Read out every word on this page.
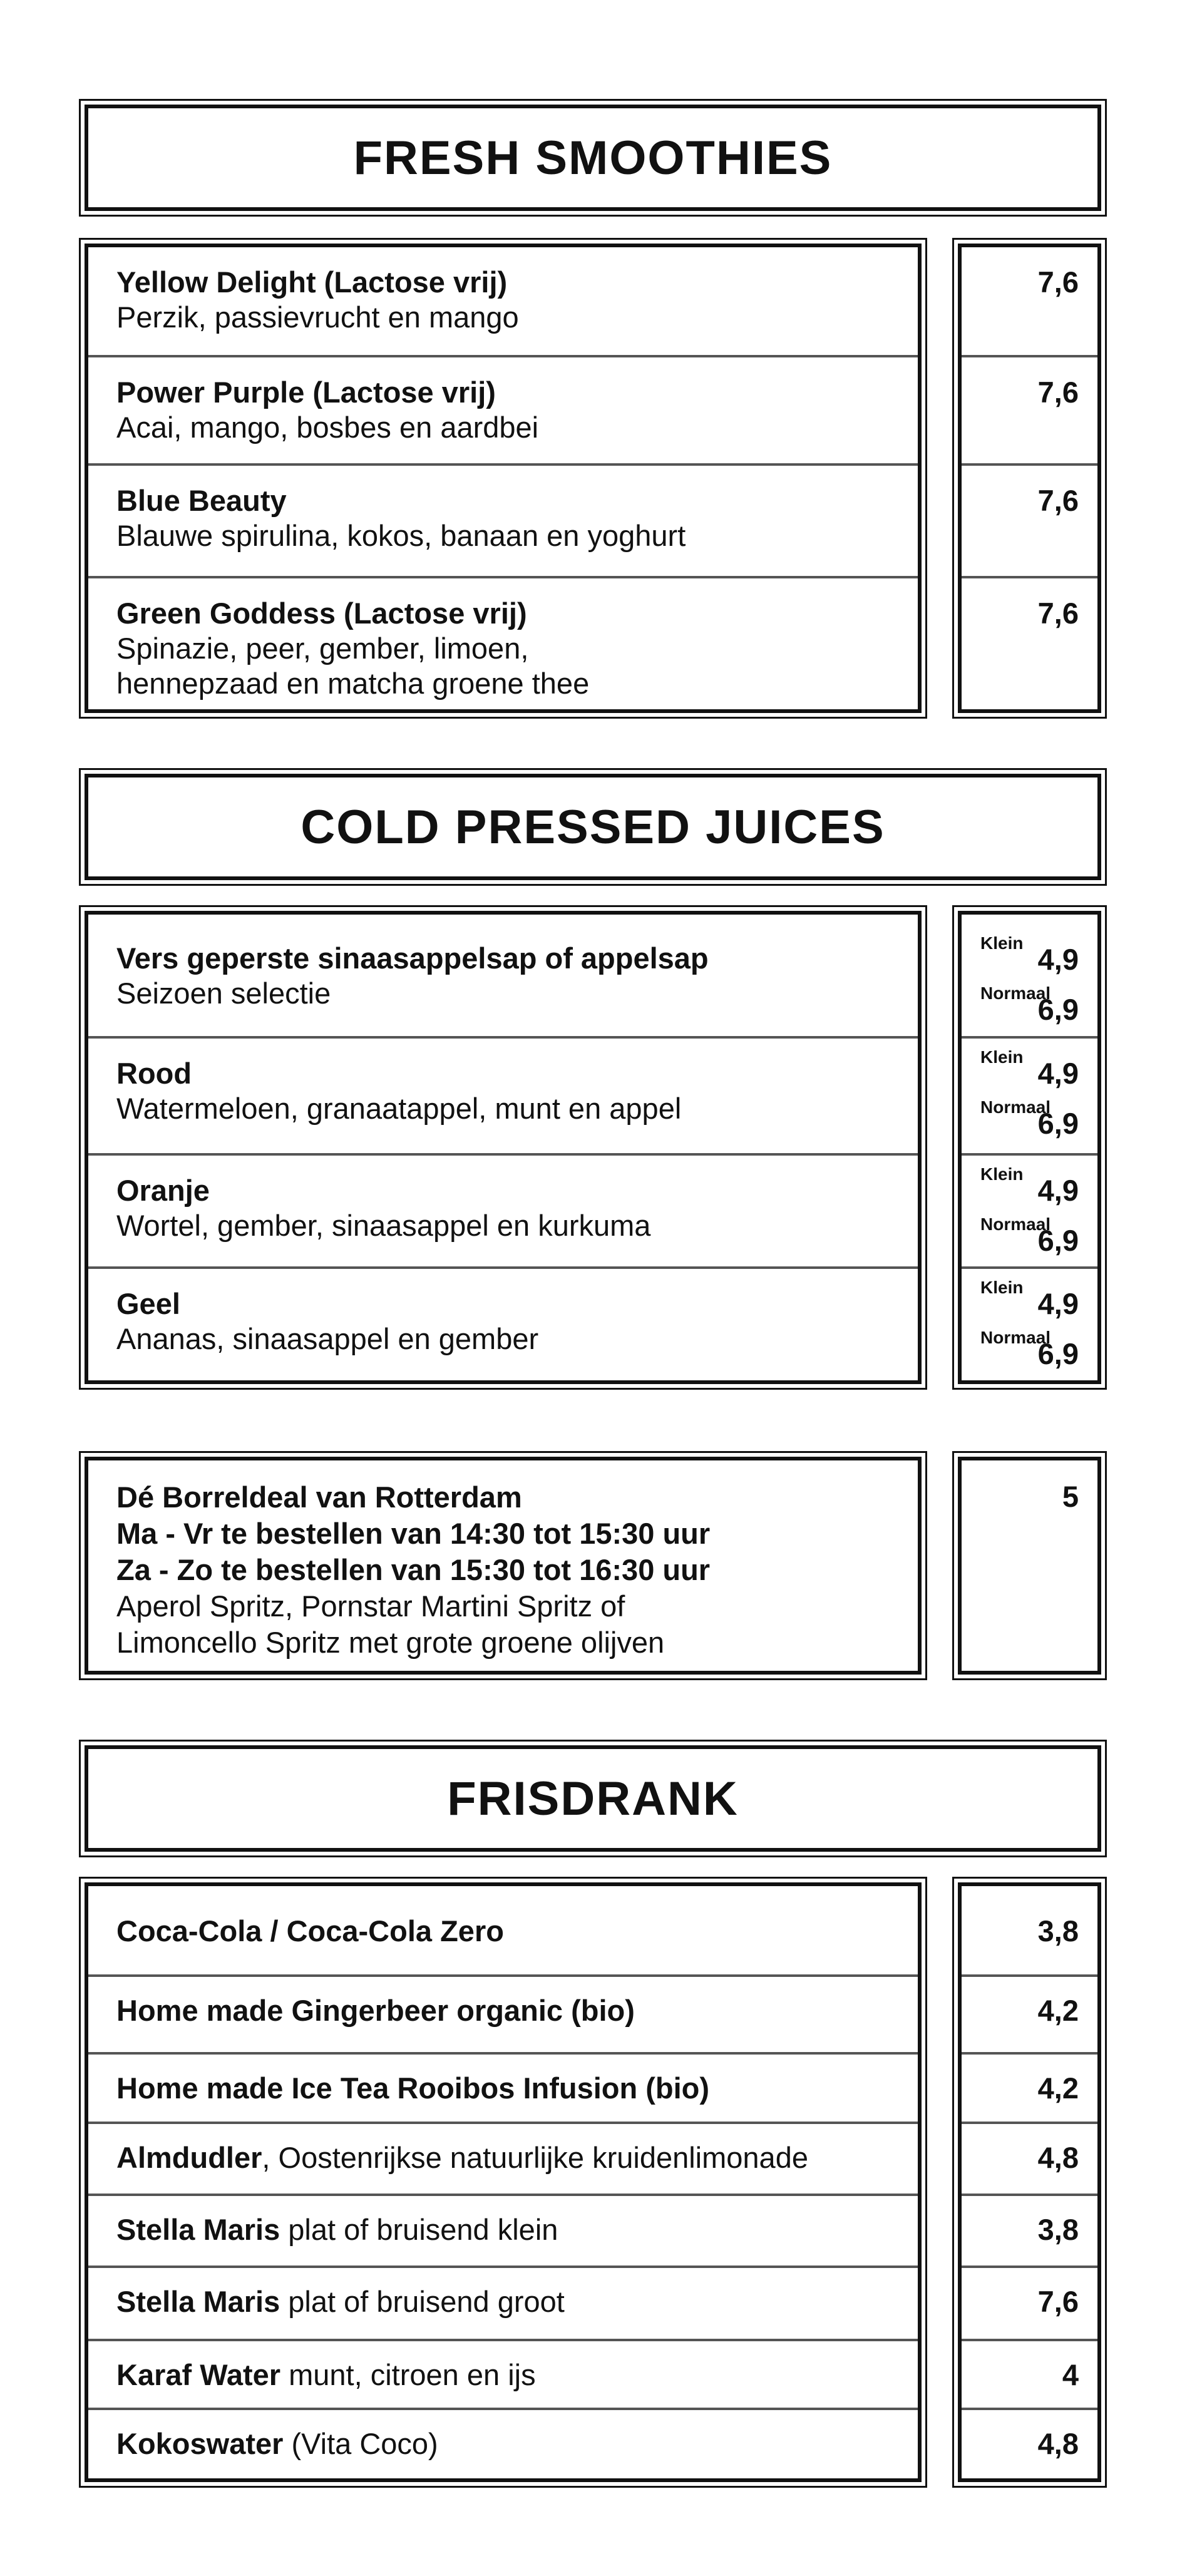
FRESH SMOOTHIES
Yellow Delight (Lactose vrij)
Perzik, passievrucht en mango
Power Purple (Lactose vrij)
Acai, mango, bosbes en aardbei
Blue Beauty
Blauwe spirulina, kokos, banaan en yoghurt
Green Goddess (Lactose vrij)
Spinazie, peer, gember, limoen,
hennepzaad en matcha groene thee
7,6
7,6
7,6
7,6
COLD PRESSED JUICES
Vers geperste sinaasappelsap of appelsap
Seizoen selectie
Rood
Watermeloen, granaatappel, munt en appel
Oranje
Wortel, gember, sinaasappel en kurkuma
Geel
Ananas, sinaasappel en gember
Klein 4,9
Normaal
6,9
Klein 4,9
Normaal
6,9
Klein 4,9
Normaal
6,9
Klein 4,9
Normaal
6,9
Dé Borreldeal van Rotterdam
Ma - Vr te bestellen van 14:30 tot 15:30 uur
Za - Zo te bestellen van 15:30 tot 16:30 uur
Aperol Spritz, Pornstar Martini Spritz of
Limoncello Spritz met grote groene olijven
5
FRISDRANK
Coca-Cola / Coca-Cola Zero
Home made Gingerbeer organic (bio)
Home made Ice Tea Rooibos Infusion (bio)
Almdudler, Oostenrijkse natuurlijke kruidenlimonade
Stella Maris plat of bruisend klein
Stella Maris plat of bruisend groot
Karaf Water munt, citroen en ijs
Kokoswater (Vita Coco)
3,8
4,2
4,2
4,8
3,8
7,6
4
4,8
